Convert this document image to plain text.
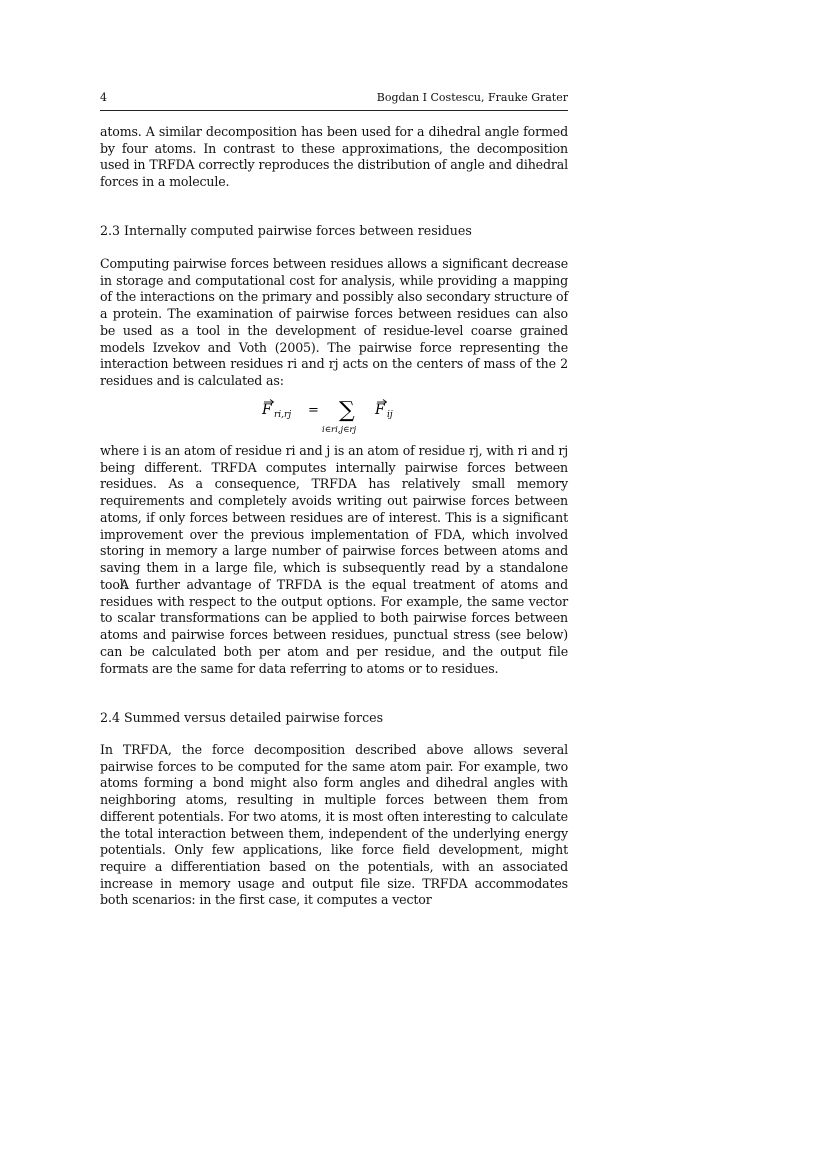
4	Bogdan I Costescu, Frauke Grater

atoms. A similar decomposition has been used for a dihedral angle formed by four atoms. In contrast to these approximations, the decomposition used in TRFDA correctly reproduces the distribution of angle and dihedral forces in a molecule.

2.3 Internally computed pairwise forces between residues

Computing pairwise forces between residues allows a significant decrease in storage and computational cost for analysis, while providing a mapping of the interactions on the primary and possibly also secondary structure of a protein. The examination of pairwise forces between residues can also be used as a tool in the development of residue-level coarse grained models Izvekov and Voth (2005). The pairwise force representing the interaction between residues ri and rj acts on the centers of mass of the 2 residues and is calculated as:

F ri,rj = ∑
i∈ri,j∈rj
F ij

where i is an atom of residue ri and j is an atom of residue rj, with ri and rj being different. TRFDA computes internally pairwise forces between residues. As a consequence, TRFDA has relatively small memory requirements and completely avoids writing out pairwise forces between atoms, if only forces between residues are of interest. This is a significant improvement over the previous implementation of FDA, which involved storing in memory a large number of pairwise forces between atoms and saving them in a large file, which is subsequently read by a standalone tool.

A further advantage of TRFDA is the equal treatment of atoms and residues with respect to the output options. For example, the same vector to scalar transformations can be applied to both pairwise forces between atoms and pairwise forces between residues, punctual stress (see below) can be calculated both per atom and per residue, and the output file formats are the same for data referring to atoms or to residues.

2.4 Summed versus detailed pairwise forces

In TRFDA, the force decomposition described above allows several pairwise forces to be computed for the same atom pair. For example, two atoms forming a bond might also form angles and dihedral angles with neighboring atoms, resulting in multiple forces between them from different potentials. For two atoms, it is most often interesting to calculate the total interaction between them, independent of the underlying energy potentials. Only few applications, like force field development, might require a differentiation based on the potentials, with an associated increase in memory usage and output file size. TRFDA accommodates both scenarios: in the first case, it computes a vector
